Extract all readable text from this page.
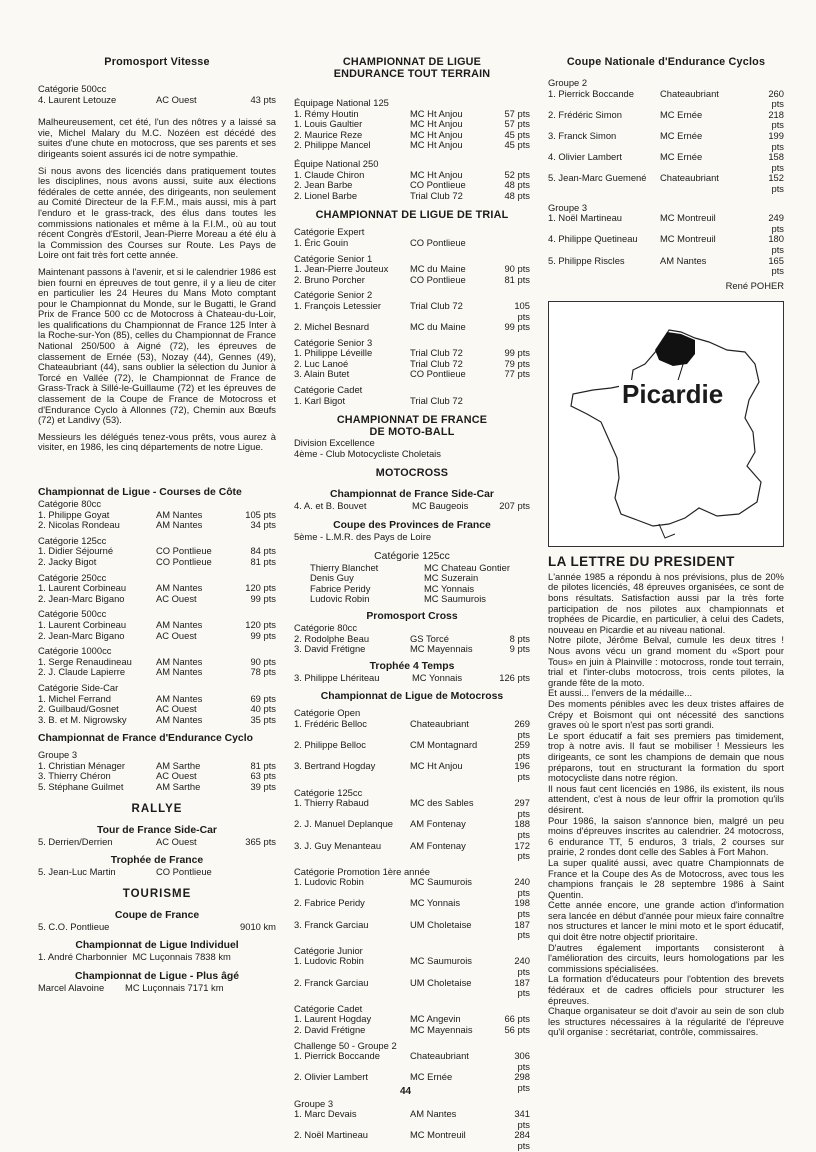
Promosport Vitesse
Catégorie 500cc
4. Laurent Letouze	AC Ouest	43 pts

Malheureusement, cet été, l'un des nôtres y a laissé sa vie, Michel Malary du M.C. Nozéen est décédé des suites d'une chute en motocross, que ses parents et ses dirigeants soient assurés ici de notre sympathie.

Si nous avons des licenciés dans pratiquement toutes les disciplines, nous avons aussi, suite aux élections fédérales de cette année, des dirigeants, non seulement au Comité Directeur de la F.F.M., mais aussi, mis à part l'enduro et le grass-track, des élus dans toutes les commissions nationales et même à la F.I.M., où au tout récent Congrès d'Estoril, Jean-Pierre Moreau a été élu à la Commission des Courses sur Route. Les Pays de Loire ont fait très fort cette année.

Maintenant passons à l'avenir, et si le calendrier 1986 est bien fourni en épreuves de tout genre, il y a lieu de citer en particulier les 24 Heures du Mans Moto comptant pour le Championnat du Monde, sur le Bugatti, le Grand Prix de France 500 cc de Motocross à Chateau-du-Loir, les qualifications du Championnat de France 125 Inter à la Roche-sur-Yon (85), celles du Championnat de France National 250/500 à Aigné (72), les épreuves de classement de Ernée (53), Nozay (44), Gennes (49), Chateaubriant (44), sans oublier la sélection du Junior à Torcé en Vallée (72), le Championnat de France de Grass-Track à Sillé-le-Guillaume (72) et les épreuves de classement de la Coupe de France de Motocross et d'Endurance Cyclo à Allonnes (72), Chemin aux Bœufs (72) et Landivy (53).

Messieurs les délégués tenez-vous prêts, vous aurez à visiter, en 1986, les cinq départements de notre Ligue.

Championnat de Ligue - Courses de Côte
Catégorie 80cc
1. Philippe Goyat	AM Nantes	105 pts
2. Nicolas Rondeau	AM Nantes	34 pts
Catégorie 125cc
1. Didier Séjourné	CO Pontlieue	84 pts
2. Jacky Bigot	CO Pontlieue	81 pts
Catégorie 250cc
1. Laurent Corbineau	AM Nantes	120 pts
2. Jean-Marc Bigano	AC Ouest	99 pts
Catégorie 500cc
1. Laurent Corbineau	AM Nantes	120 pts
2. Jean-Marc Bigano	AC Ouest	99 pts
Catégorie 1000cc
1. Serge Renaudineau	AM Nantes	90 pts
2. J. Claude Lapierre	AM Nantes	78 pts
Catégorie Side-Car
1. Michel Ferrand	AM Nantes	69 pts
2. Guilbaud/Gosnet	AC Ouest	40 pts
3. B. et M. Nigrowsky	AM Nantes	35 pts
Championnat de France d'Endurance Cyclo
Groupe 3
1. Christian Ménager	AM Sarthe	81 pts
3. Thierry Chéron	AC Ouest	63 pts
5. Stéphane Guilmet	AM Sarthe	39 pts
RALLYE
Tour de France Side-Car
5. Derrien/Derrien	AC Ouest	365 pts
Trophée de France
5. Jean-Luc Martin	CO Pontlieue
TOURISME
Coupe de France
5. C.O. Pontlieue	9010 km
Championnat de Ligue Individuel
1. André Charbonnier  MC Luçonnais 7838 km
Championnat de Ligue - Plus âgé
Marcel Alavoine        MC Luçonnais 7171 km
CHAMPIONNAT DE LIGUE
ENDURANCE TOUT TERRAIN
Équipage National 125
1. Rémy Houtin	MC Ht Anjou	57 pts
1. Louis Gaultier	MC Ht Anjou	57 pts
2. Maurice Reze	MC Ht Anjou	45 pts
2. Philippe Mancel	MC Ht Anjou	45 pts
Équipe National 250
1. Claude Chiron	MC Ht Anjou	52 pts
2. Jean Barbe	CO Pontlieue	48 pts
2. Lionel Barbe	Trial Club 72	48 pts
CHAMPIONNAT DE LIGUE DE TRIAL
Catégorie Expert
1. Éric Gouin	CO Pontlieue
Catégorie Senior 1
1. Jean-Pierre Jouteux	MC du Maine	90 pts
2. Bruno Porcher	CO Pontlieue	81 pts
Catégorie Senior 2
1. François Letessier	Trial Club 72	105 pts
2. Michel Besnard	MC du Maine	99 pts
Catégorie Senior 3
1. Philippe Léveille	Trial Club 72	99 pts
2. Luc Lanoé	Trial Club 72	79 pts
3. Alain Butet	CO Pontlieue	77 pts
Catégorie Cadet
1. Karl Bigot	Trial Club 72
CHAMPIONNAT DE FRANCE
DE MOTO-BALL
Division Excellence
4ème - Club Motocycliste Choletais
MOTOCROSS
Championnat de France Side-Car
4. A. et B. Bouvet	MC Baugeois	207 pts
Coupe des Provinces de France
5ème - L.M.R. des Pays de Loire
Catégorie 125cc
Thierry Blanchet	MC Chateau Gontier
Denis Guy	MC Suzerain
Fabrice Peridy	MC Yonnais
Ludovic Robin	MC Saumurois
Promosport Cross
Catégorie 80cc
2. Rodolphe Beau	GS Torcé	8 pts
3. David Frétigne	MC Mayennais	9 pts
Trophée 4 Temps
3. Philippe Lhériteau	MC Yonnais	126 pts
Championnat de Ligue de Motocross
Catégorie Open
1. Frédéric Belloc	Chateaubriant	269 pts
2. Philippe Belloc	CM Montagnard	259 pts
3. Bertrand Hogday	MC Ht Anjou	196 pts
Catégorie 125cc
1. Thierry Rabaud	MC des Sables	297 pts
2. J. Manuel Deplanque	AM Fontenay	188 pts
3. J. Guy Menanteau	AM Fontenay	172 pts
Catégorie Promotion 1ère année
1. Ludovic Robin	MC Saumurois	240 pts
2. Fabrice Peridy	MC Yonnais	198 pts
3. Franck Garciau	UM Choletaise	187 pts
Catégorie Junior
1. Ludovic Robin	MC Saumurois	240 pts
2. Franck Garciau	UM Choletaise	187 pts
Catégorie Cadet
1. Laurent Hogday	MC Angevin	66 pts
2. David Frétigne	MC Mayennais	56 pts
Challenge 50 - Groupe 2
1. Pierrick Boccande	Chateaubriant	306 pts
2. Olivier Lambert	MC Ernée	298 pts
Groupe 3
1. Marc Devais	AM Nantes	341 pts
2. Noël Martineau	MC Montreuil	284 pts
Coupe Nationale d'Endurance Cyclos
Groupe 2
1. Pierrick Boccande	Chateaubriant	260 pts
2. Frédéric Simon	MC Ernée	218 pts
3. Franck Simon	MC Ernée	199 pts
4. Olivier Lambert	MC Ernée	158 pts
5. Jean-Marc Guemené	Chateaubriant	152 pts
Groupe 3
1. Noël Martineau	MC Montreuil	249 pts
4. Philippe Quetineau	MC Montreuil	180 pts
5. Philippe Riscles	AM Nantes	165 pts
René POHER
Picardie
LA LETTRE DU PRESIDENT
L'année 1985 a répondu à nos prévisions, plus de 20% de pilotes licenciés, 48 épreuves organisées, ce sont de bons résultats. Satisfaction aussi par la très forte participation de nos pilotes aux championnats et trophées de Picardie, en particulier, à celui des Cadets, nouveau en Picardie et au niveau national.
Notre pilote, Jérôme Belval, cumule les deux titres ! Nous avons vécu un grand moment du «Sport pour Tous» en juin à Plainville : motocross, ronde tout terrain, trial et l'inter-clubs motocross, trois cents pilotes, la grande fête de la moto.
Et aussi... l'envers de la médaille...
Des moments pénibles avec les deux tristes affaires de Crépy et Boismont qui ont nécessité des sanctions graves où le sport n'est pas sorti grandi.
Le sport éducatif a fait ses premiers pas timidement, trop à notre avis. Il faut se mobiliser ! Messieurs les dirigeants, ce sont les champions de demain que nous préparons, tout en structurant la formation du sport motocycliste dans notre région.
Il nous faut cent licenciés en 1986, ils existent, ils nous attendent, c'est à nous de leur offrir la promotion qu'ils désirent.
Pour 1986, la saison s'annonce bien, malgré un peu moins d'épreuves inscrites au calendrier. 24 motocross, 6 endurance TT, 5 enduros, 3 trials, 2 courses sur prairie, 2 rondes dont celle des Sables à Fort Mahon.
La super qualité aussi, avec quatre Championnats de France et la Coupe des As de Motocross, avec tous les champions français le 28 septembre 1986 à Saint Quentin.
Cette année encore, une grande action d'information sera lancée en début d'année pour mieux faire connaître nos structures et lancer le mini moto et le sport éducatif, qui doit être notre objectif prioritaire.
D'autres également importants consisteront à l'amélioration des circuits, leurs homologations par les commissions spécialisées.
La formation d'éducateurs pour l'obtention des brevets fédéraux et de cadres officiels pour structurer les épreuves.
Chaque organisateur se doit d'avoir au sein de son club les structures nécessaires à la régularité de l'épreuve qu'il organise : secrétariat, contrôle, commissaires.
44
